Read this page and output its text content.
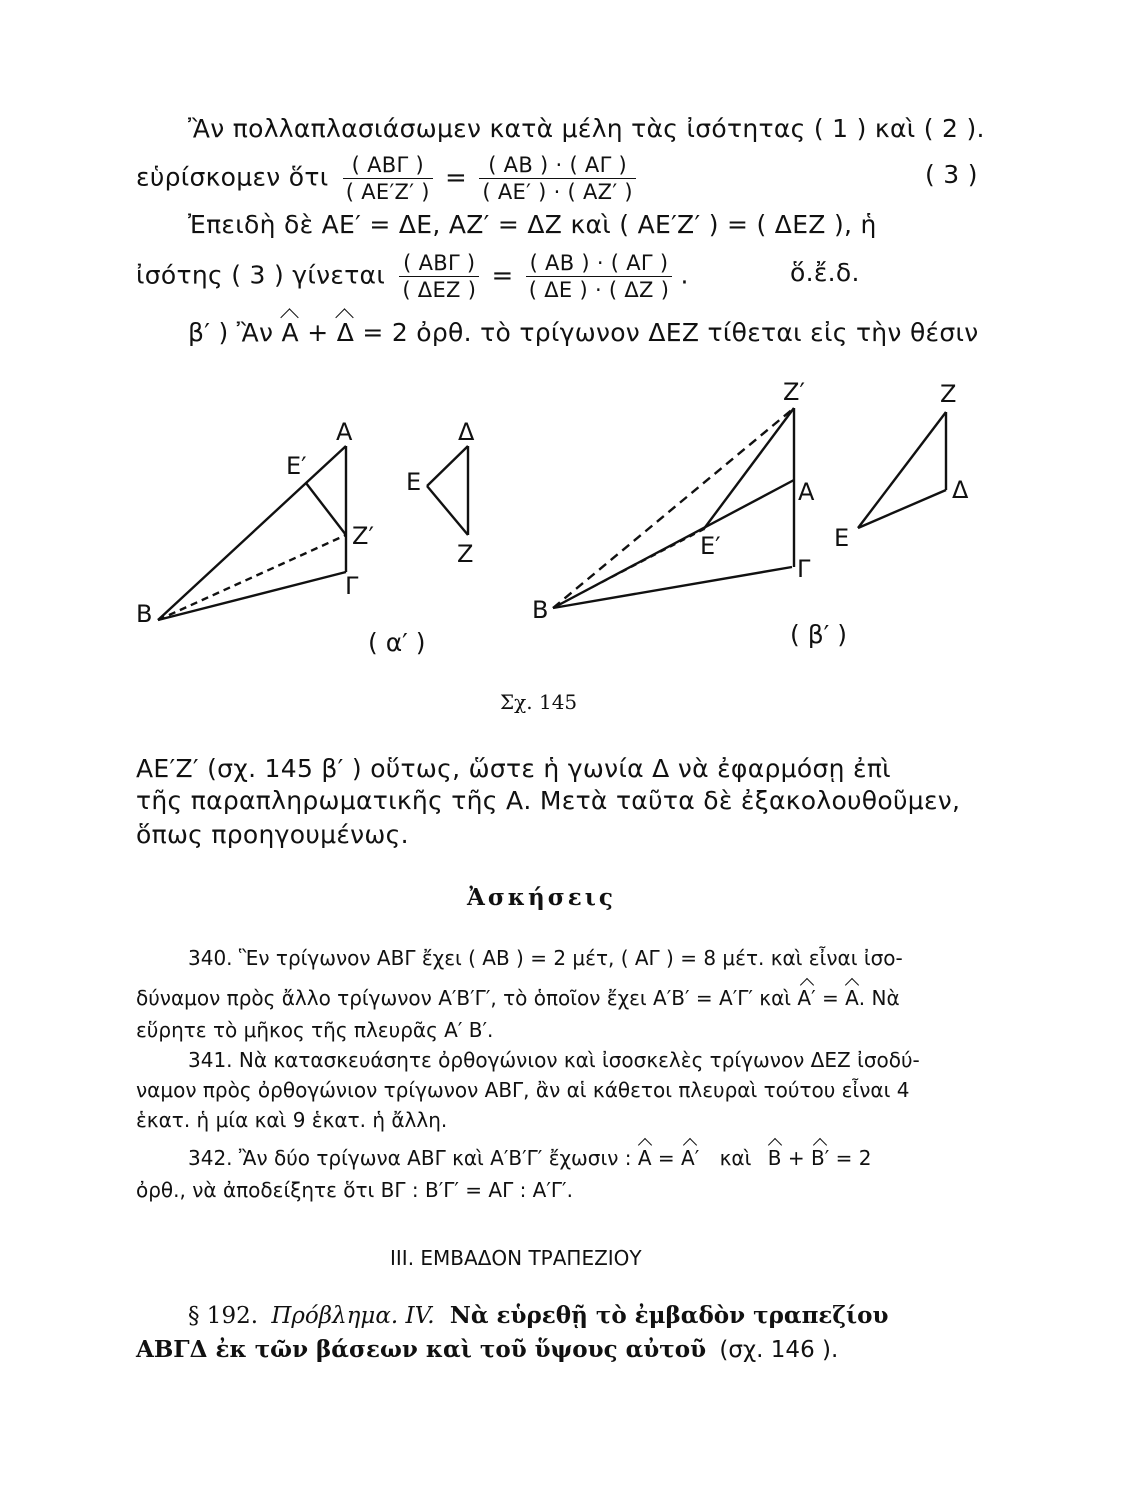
Ἂν πολλαπλασιάσωμεν κατὰ μέλη τὰς ἰσότητας ( 1 ) καὶ ( 2 ).
εὑρίσκομεν ὅτι $\frac{\text{( ΑΒΓ )}}{( AE'Z' )} = \frac{( AB ) \cdot ( A\Gamma )}{( AE' ) \cdot ( AZ' )}$	( 3 )
Ἐπειδὴ δὲ ΑΕ′ = ΔΕ, ΑΖ′ = ΔΖ καὶ ( ΑΕ′Ζ′ ) = ( ΔΕΖ ), ἡ
ἰσότης ( 3 ) γίνεται $\frac{\text{( ΑΒΓ )}}{\text{( ΔΕΖ )}} = \frac{( AB ) \cdot ( A\Gamma )}{( \Delta E ) \cdot ( \Delta Z )}$ .	ὅ.ἔ.δ.
β′ ) Ἂν Α + Δ = 2 ὀρθ. τὸ τρίγωνον ΔΕΖ τίθεται εἰς τὴν θέσιν
Α
Ε′
Ζ′
Β
Γ
Δ
Ε
Ζ
Ζ′
Α
Ε′
Γ
Β
Ζ
Δ
Ε
( α′ )	( β′ )
Σχ. 145
ΑΕ′Ζ′ (σχ. 145 β′ ) οὕτως, ὥστε ἡ γωνία Δ νὰ ἐφαρμόσῃ ἐπὶ
τῆς παραπληρωματικῆς τῆς Α. Μετὰ ταῦτα δὲ ἐξακολουθοῦμεν,
ὅπως προηγουμένως.
Ἀσκήσεις
340. Ἓν τρίγωνον ΑΒΓ ἔχει ( ΑΒ ) = 2 μέτ, ( ΑΓ ) = 8 μέτ. καὶ εἶναι ἰσο-
δύναμον πρὸς ἄλλο τρίγωνον Α′Β′Γ′, τὸ ὁποῖον ἔχει Α′Β′ = Α′Γ′ καὶ Α′ = Α. Νὰ
εὕρητε τὸ μῆκος τῆς πλευρᾶς Α′ Β′.
341. Νὰ κατασκευάσητε ὀρθογώνιον καὶ ἰσοσκελὲς τρίγωνον ΔΕΖ ἰσοδύ-
ναμον πρὸς ὀρθογώνιον τρίγωνον ΑΒΓ, ἂν αἱ κάθετοι πλευραὶ τούτου εἶναι 4
ἑκατ. ἡ μία καὶ 9 ἑκατ. ἡ ἄλλη.
342. Ἂν δύο τρίγωνα ΑΒΓ καὶ Α′Β′Γ′ ἔχωσιν : Α = Α′ καὶ Β + Β′ = 2
ὀρθ., νὰ ἀποδείξητε ὅτι ΒΓ : Β′Γ′ = ΑΓ : Α′Γ′.
ΙΙΙ. ΕΜΒΑΔΟΝ ΤΡΑΠΕΖΙΟΥ
§ 192. Πρόβλημα. IV. Νὰ εὑρεθῇ τὸ ἐμβαδὸν τραπεζίου
ΑΒΓΔ ἐκ τῶν βάσεων καὶ τοῦ ὕψους αὐτοῦ (σχ. 146 ).
